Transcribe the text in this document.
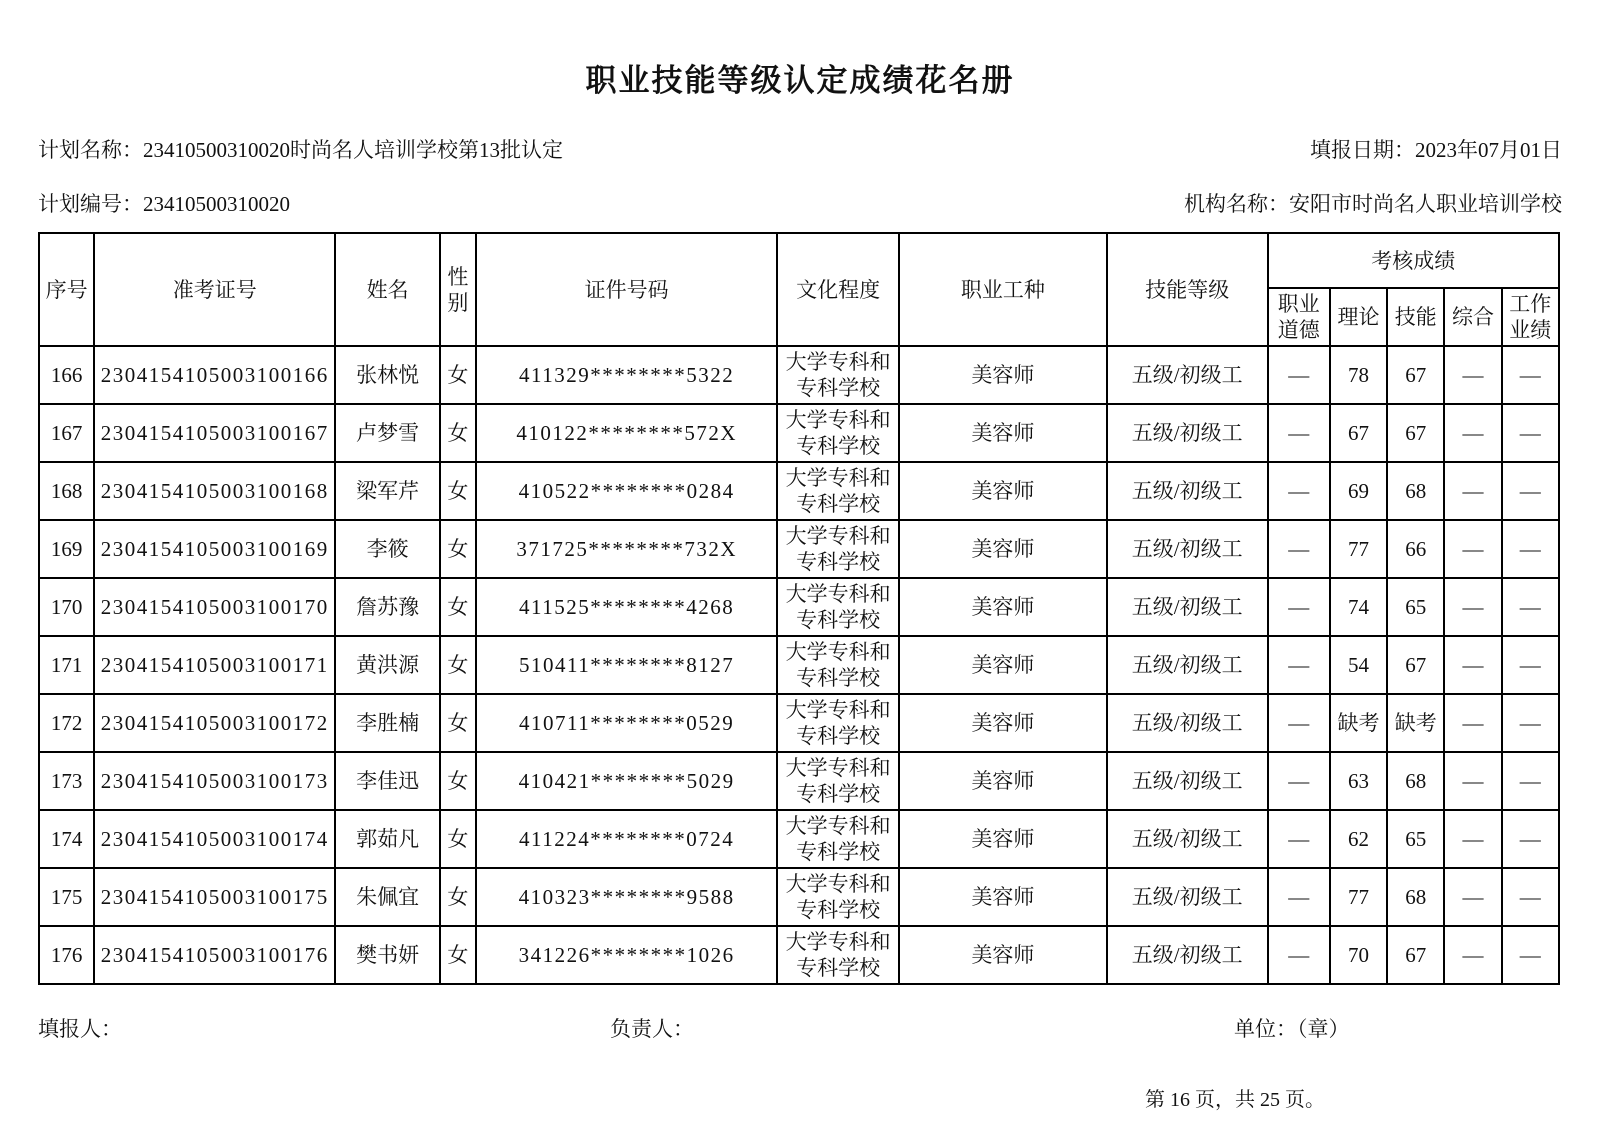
职业技能等级认定成绩花名册
计划名称：23410500310020时尚名人培训学校第13批认定	填报日期：2023年07月01日
计划编号：23410500310020	机构名称：安阳市时尚名人职业培训学校
序号	准考证号	姓名	性别	证件号码	文化程度	职业工种	技能等级	考核成绩				
								职业道德	理论	技能	综合	工作业绩
166	2304154105003100166	张林悦	女	411329********5322	大学专科和专科学校	美容师	五级/初级工	—	78	67	—	—
167	2304154105003100167	卢梦雪	女	410122********572X	大学专科和专科学校	美容师	五级/初级工	—	67	67	—	—
168	2304154105003100168	梁军芹	女	410522********0284	大学专科和专科学校	美容师	五级/初级工	—	69	68	—	—
169	2304154105003100169	李筱	女	371725********732X	大学专科和专科学校	美容师	五级/初级工	—	77	66	—	—
170	2304154105003100170	詹苏豫	女	411525********4268	大学专科和专科学校	美容师	五级/初级工	—	74	65	—	—
171	2304154105003100171	黄洪源	女	510411********8127	大学专科和专科学校	美容师	五级/初级工	—	54	67	—	—
172	2304154105003100172	李胜楠	女	410711********0529	大学专科和专科学校	美容师	五级/初级工	—	缺考	缺考	—	—
173	2304154105003100173	李佳迅	女	410421********5029	大学专科和专科学校	美容师	五级/初级工	—	63	68	—	—
174	2304154105003100174	郭茹凡	女	411224********0724	大学专科和专科学校	美容师	五级/初级工	—	62	65	—	—
175	2304154105003100175	朱佩宜	女	410323********9588	大学专科和专科学校	美容师	五级/初级工	—	77	68	—	—
176	2304154105003100176	樊书妍	女	341226********1026	大学专科和专科学校	美容师	五级/初级工	—	70	67	—	—
填报人：	负责人：	单位：（章）
第 16 页，共 25 页。
